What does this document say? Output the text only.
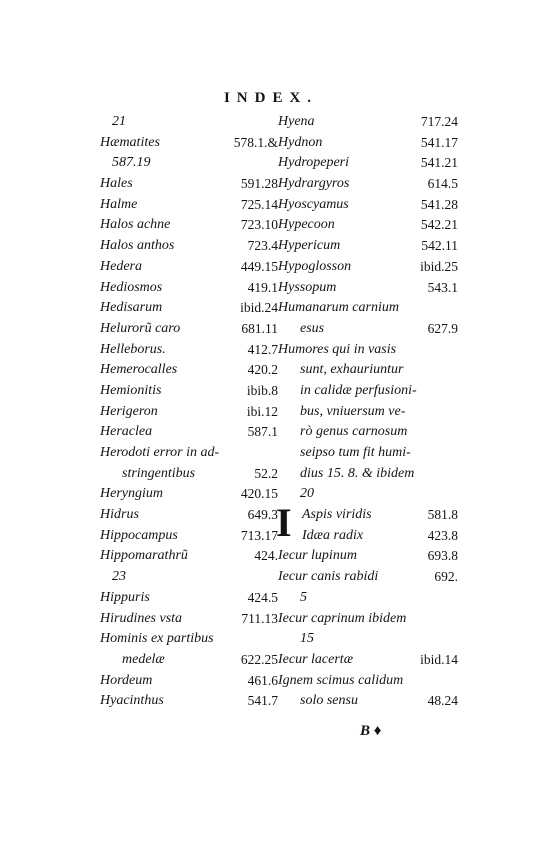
INDEX.
21
Hæmatites	578.1.&
587.19
Hales	591.28
Halme	725.14
Halos achne	723.10
Halos anthos	723.4
Hedera	449.15
Hediosmos	419.1
Hedisarum	ibid.24
Helurorũ caro	681.11
Helleborus.	412.7
Hemerocalles	420.2
Hemionitis	ibib.8
Herigeron	ibi.12
Heraclea	587.1
Herodoti error in ad-
stringentibus	52.2
Heryngium	420.15
Hidrus	649.3
Hippocampus	713.17
Hippomarathrũ	424.
23
Hippuris	424.5
Hirudines vsta	711.13
Hominis ex partibus
medelæ	622.25
Hordeum	461.6
Hyacinthus	541.7
Hyena	717.24
Hydnon	541.17
Hydropeperi	541.21
Hydrargyros	614.5
Hyoscyamus	541.28
Hypecoon	542.21
Hypericum	542.11
Hypoglosson	ibid.25
Hyssopum	543.1
Humanarum carnium
esus	627.9
Humores qui in vasis
sunt, exhauriuntur
in calidæ perfusioni-
bus, vniuersum ve-
rò genus carnosum
seipso tum fit humi-
dius 15. 8. & ibidem
20
I Aspis viridis	581.8
Idæa radix	423.8
Iecur lupinum	693.8
Iecur canis rabidi	692.
5
Iecur caprinum ibidem
15
Iecur lacertæ	ibid.14
Ignem scimus calidum
solo sensu	48.24
B ♦
